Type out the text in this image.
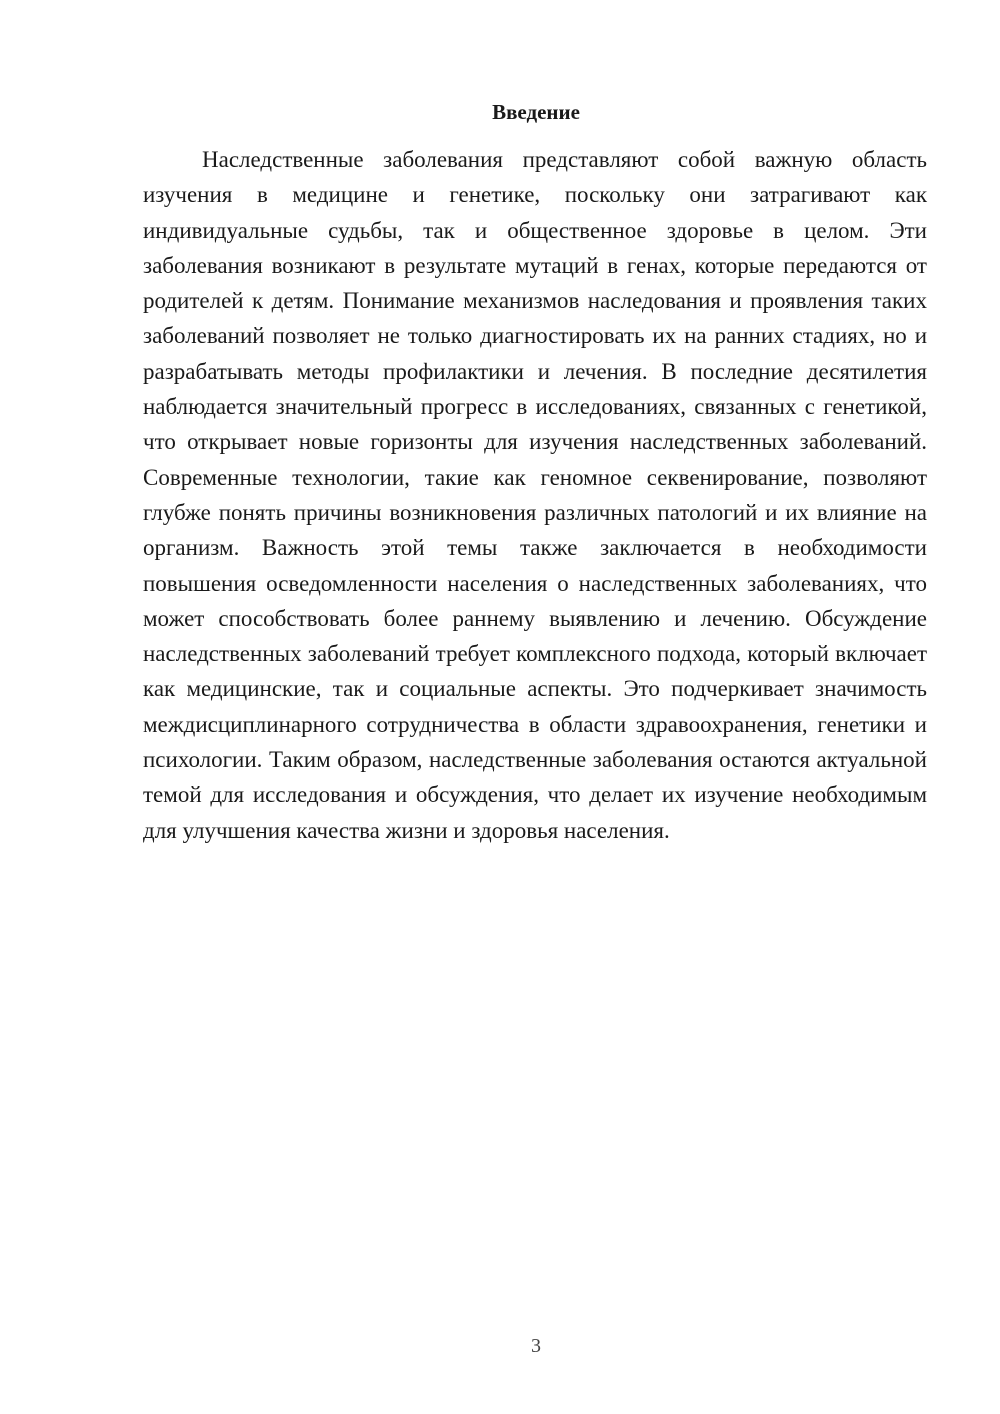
Введение

Наследственные заболевания представляют собой важную область изучения в медицине и генетике, поскольку они затрагивают как индивидуальные судьбы, так и общественное здоровье в целом. Эти заболевания возникают в результате мутаций в генах, которые передаются от родителей к детям. Понимание механизмов наследования и проявления таких заболеваний позволяет не только диагностировать их на ранних стадиях, но и разрабатывать методы профилактики и лечения. В последние десятилетия наблюдается значительный прогресс в исследованиях, связанных с генетикой, что открывает новые горизонты для изучения наследственных заболеваний. Современные технологии, такие как геномное секвенирование, позволяют глубже понять причины возникновения различных патологий и их влияние на организм. Важность этой темы также заключается в необходимости повышения осведомленности населения о наследственных заболеваниях, что может способствовать более раннему выявлению и лечению. Обсуждение наследственных заболеваний требует комплексного подхода, который включает как медицинские, так и социальные аспекты. Это подчеркивает значимость междисциплинарного сотрудничества в области здравоохранения, генетики и психологии. Таким образом, наследственные заболевания остаются актуальной темой для исследования и обсуждения, что делает их изучение необходимым для улучшения качества жизни и здоровья населения.

3
